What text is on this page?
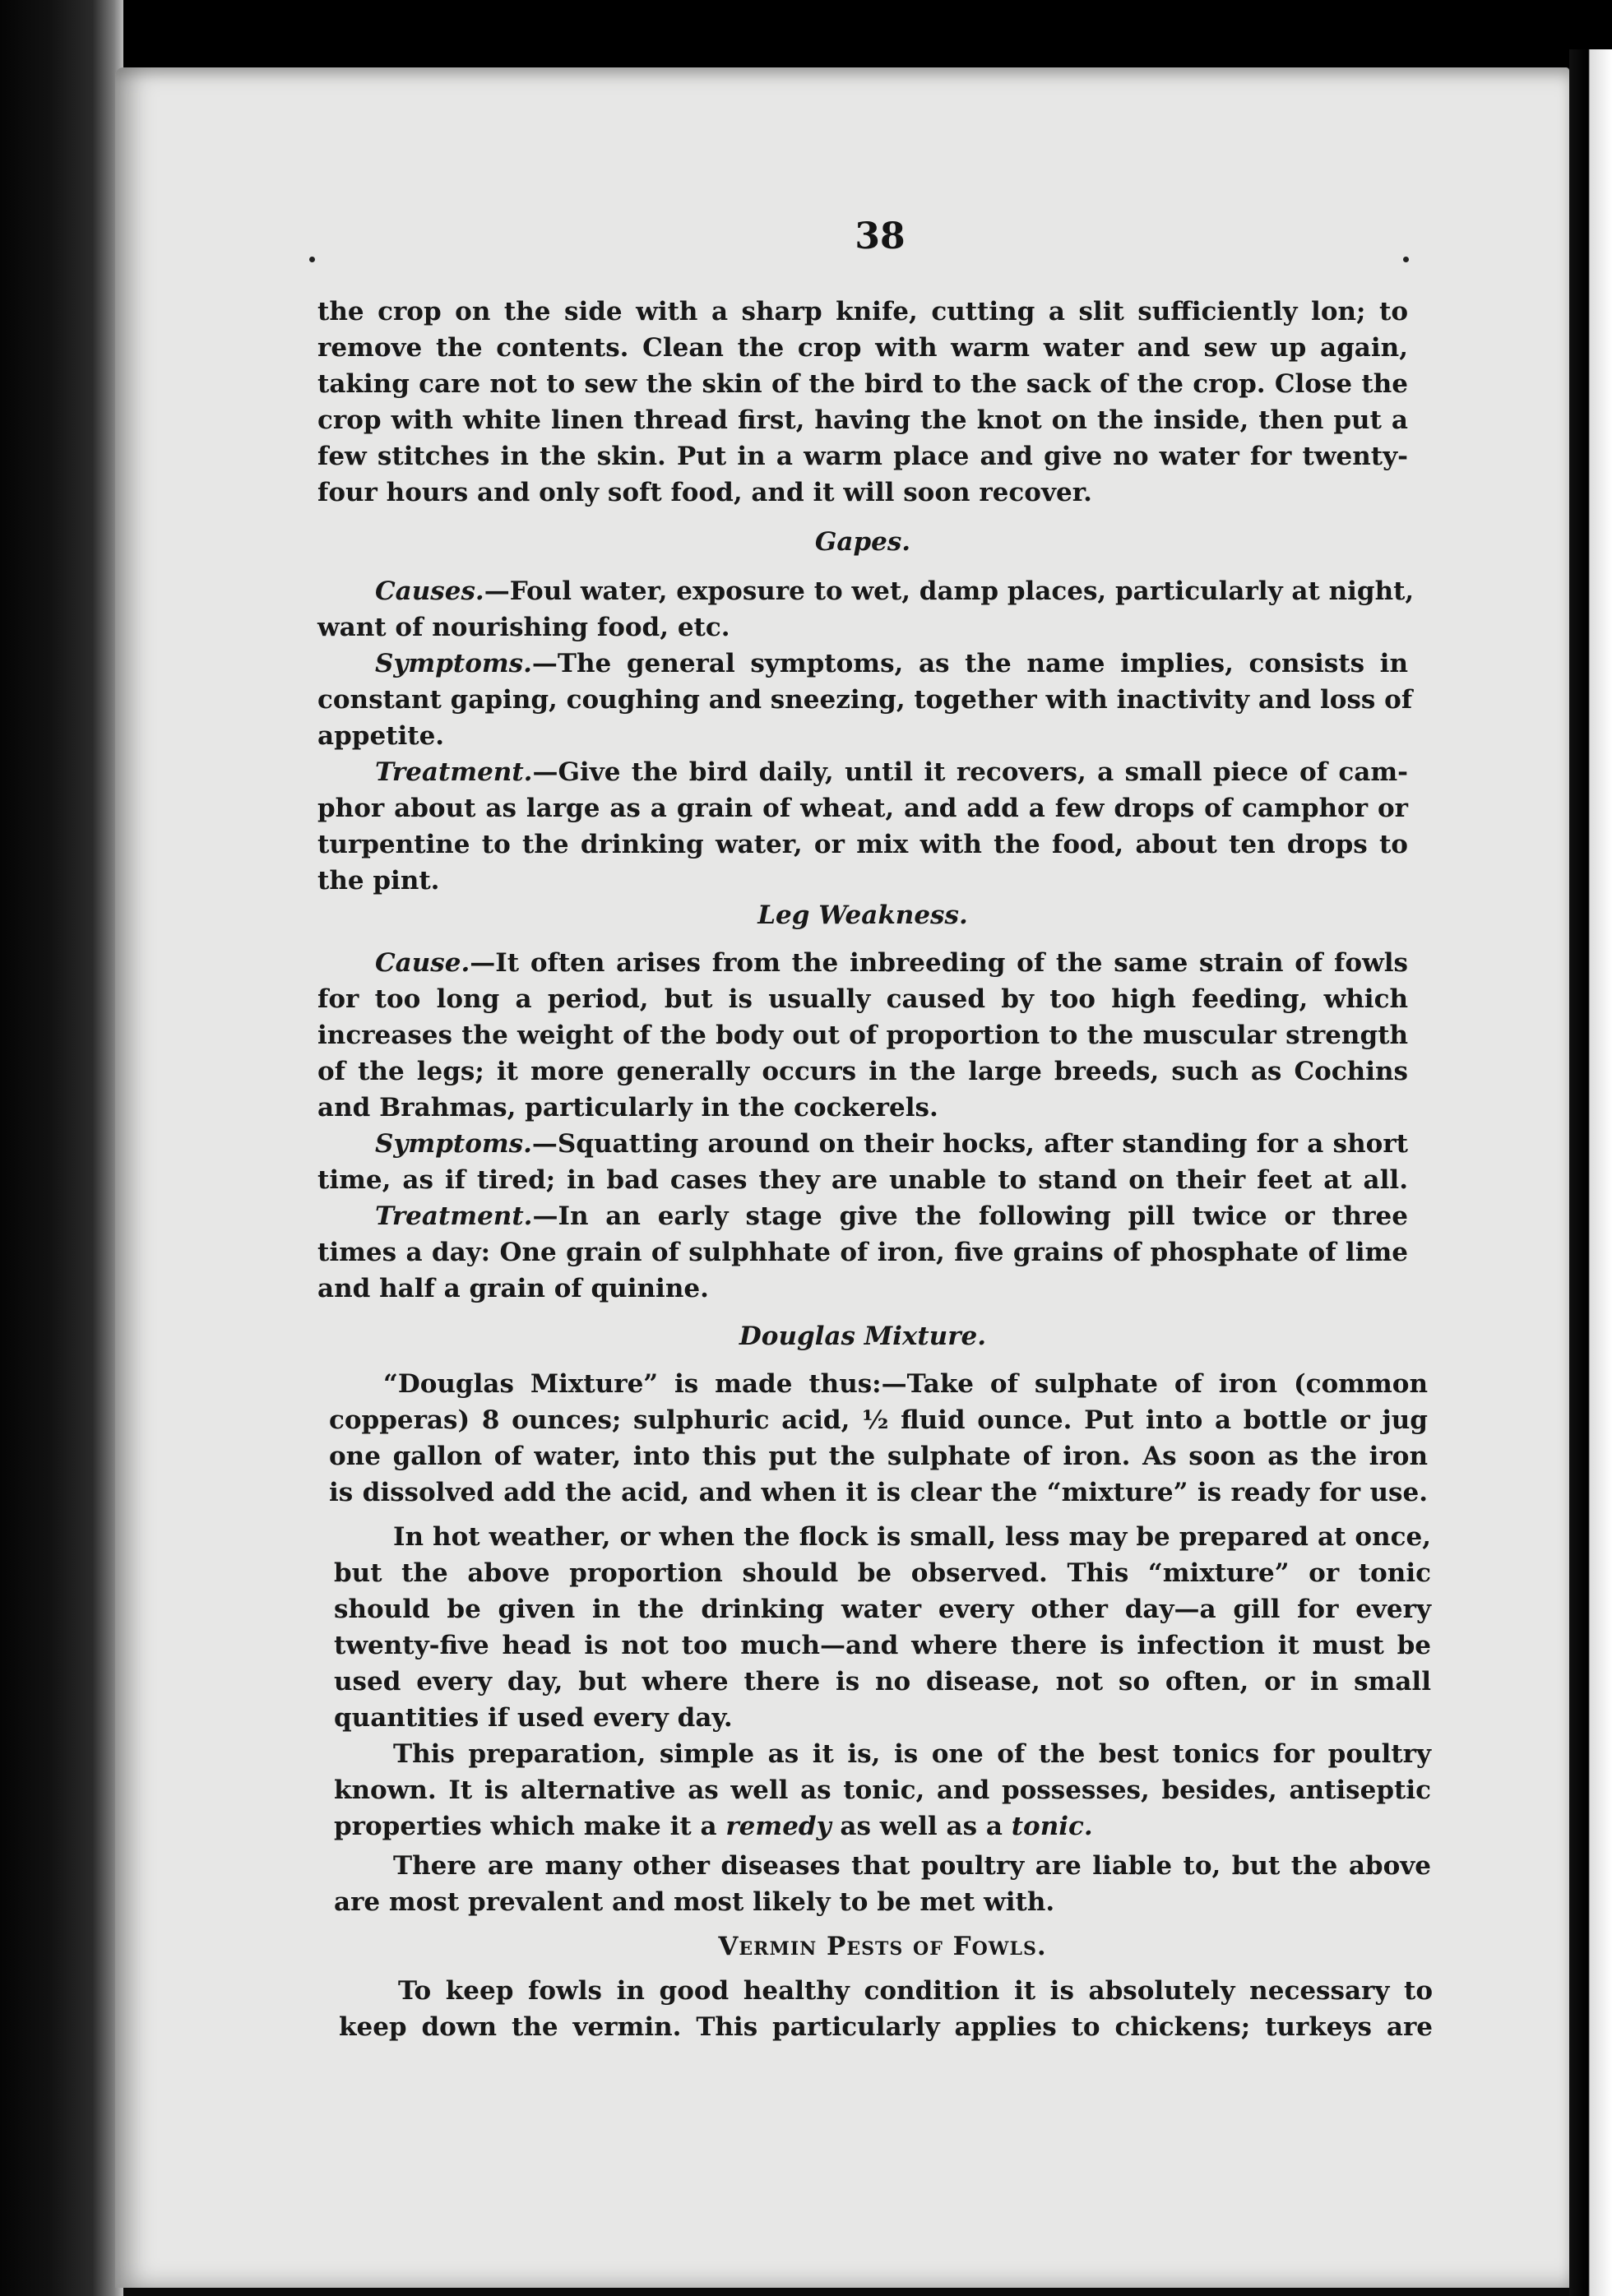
38

the crop on the side with a sharp knife, cutting a slit sufficiently lon; to

remove the contents. Clean the crop with warm water and sew up again,

taking care not to sew the skin of the bird to the sack of the crop. Close the

crop with white linen thread first, having the knot on the inside, then put a

few stitches in the skin. Put in a warm place and give no water for twenty-

four hours and only soft food, and it will soon recover.

Gapes.

Causes.—Foul water, exposure to wet, damp places, particularly at night,

want of nourishing food, etc.

Symptoms.—The general symptoms, as the name implies, consists in

constant gaping, coughing and sneezing, together with inactivity and loss of

appetite.

Treatment.—Give the bird daily, until it recovers, a small piece of cam-

phor about as large as a grain of wheat, and add a few drops of camphor or

turpentine to the drinking water, or mix with the food, about ten drops to

the pint.

Leg Weakness.

Cause.—It often arises from the inbreeding of the same strain of fowls

for too long a period, but is usually caused by too high feeding, which

increases the weight of the body out of proportion to the muscular strength

of the legs; it more generally occurs in the large breeds, such as Cochins

and Brahmas, particularly in the cockerels.

Symptoms.—Squatting around on their hocks, after standing for a short

time, as if tired; in bad cases they are unable to stand on their feet at all.

Treatment.—In an early stage give the following pill twice or three

times a day: One grain of sulphhate of iron, five grains of phosphate of lime

and half a grain of quinine.

Douglas Mixture.

“Douglas Mixture” is made thus:—Take of sulphate of iron (common

copperas) 8 ounces; sulphuric acid, ½ fluid ounce. Put into a bottle or jug

one gallon of water, into this put the sulphate of iron. As soon as the iron

is dissolved add the acid, and when it is clear the “mixture” is ready for use.

In hot weather, or when the flock is small, less may be prepared at once,

but the above proportion should be observed. This “mixture” or tonic

should be given in the drinking water every other day—a gill for every

twenty-five head is not too much—and where there is infection it must be

used every day, but where there is no disease, not so often, or in small

quantities if used every day.

This preparation, simple as it is, is one of the best tonics for poultry

known. It is alternative as well as tonic, and possesses, besides, antiseptic

properties which make it a remedy as well as a tonic.

There are many other diseases that poultry are liable to, but the above

are most prevalent and most likely to be met with.

Vermin Pests of Fowls.

To keep fowls in good healthy condition it is absolutely necessary to

keep down the vermin. This particularly applies to chickens; turkeys are
